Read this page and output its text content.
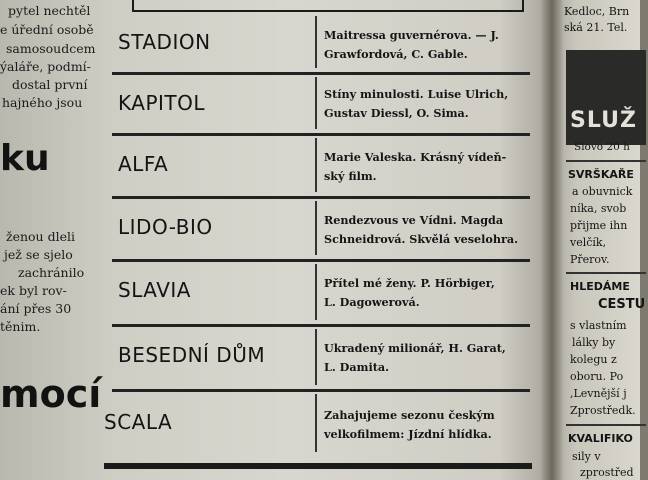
pytel nechtěl
e úřední osobě
samosoudcem
ýaláře, podmí-
dostal první
hajného jsou
ženou dleli
jež se sjelo
zachránilo
ek byl rov-
ání přes 30
těnim.
ku
mocí
STADION	Maitressa guvernérova. — J.
Grawfordová, C. Gable.
KAPITOL	Stíny minulosti. Luise Ulrich,
Gustav Diessl, O. Sima.
ALFA	Marie Valeska. Krásný vídeň-
ský film.
LIDO-BIO	Rendezvous ve Vídni. Magda
Schneidrová. Skvělá veselohra.
SLAVIA	Přítel mé ženy. P. Hörbiger,
L. Dagowerová.
BESEDNÍ DŮM	Ukradený milionář, H. Garat,
L. Damita.
SCALA	Zahajujeme sezonu českým
velkofilmem: Jízdní hlídka.
Kedloc, Brn
ská 21. Tel.
SLUŽ
Slovo 20 h
SVRŠKAŘE
a obuvnick
níka, svob
přijme ihn
velčík,
Přerov.
HLEDÁME
CESTU
s vlastním
lálky by
kolegu z
oboru. Po
,Levnější j
Zprostředk.
KVALIFIKO
sily v
zprostřed
